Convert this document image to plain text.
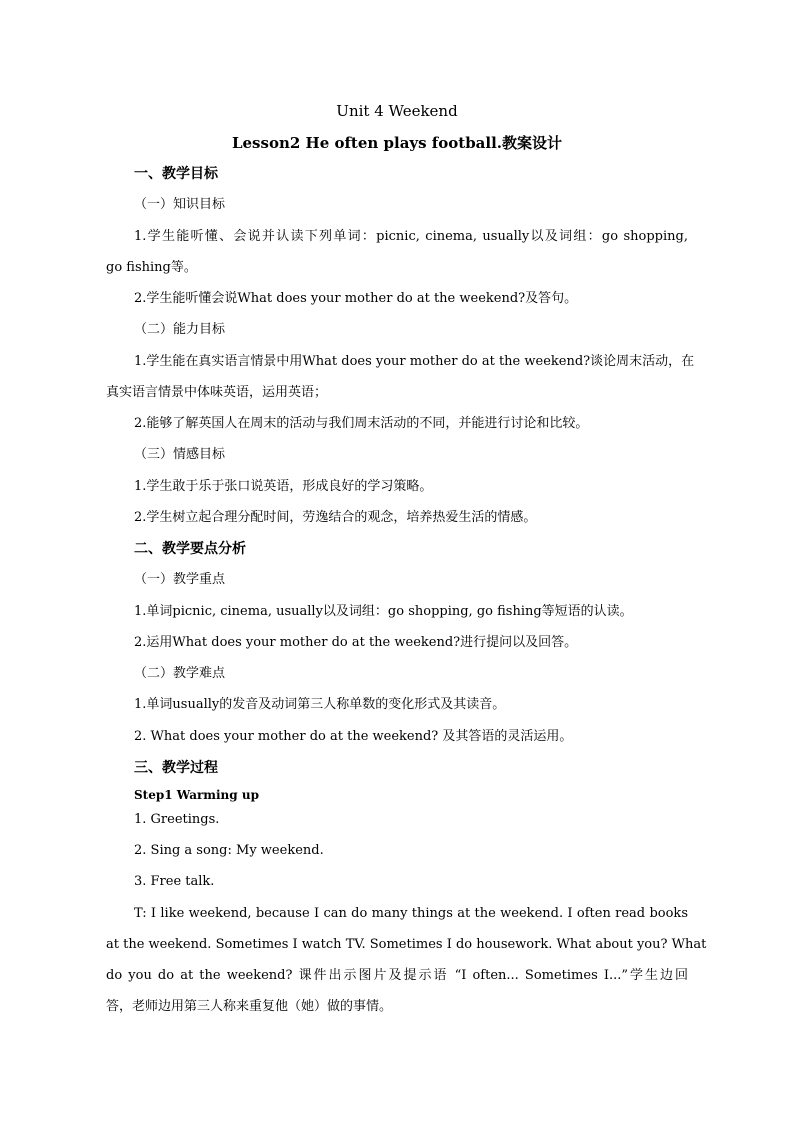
Unit 4 Weekend
Lesson2 He often plays football.教案设计
一、教学目标
（一）知识目标
1.学生能听懂、会说并认读下列单词：picnic, cinema, usually以及词组：go shopping,
go fishing等。
2.学生能听懂会说What does your mother do at the weekend?及答句。
（二）能力目标
1.学生能在真实语言情景中用What does your mother do at the weekend?谈论周末活动，在
真实语言情景中体味英语，运用英语；
2.能够了解英国人在周末的活动与我们周末活动的不同，并能进行讨论和比较。
（三）情感目标
1.学生敢于乐于张口说英语，形成良好的学习策略。
2.学生树立起合理分配时间，劳逸结合的观念，培养热爱生活的情感。
二、教学要点分析
（一）教学重点
1.单词picnic, cinema, usually以及词组：go shopping, go fishing等短语的认读。
2.运用What does your mother do at the weekend?进行提问以及回答。
（二）教学难点
1.单词usually的发音及动词第三人称单数的变化形式及其读音。
2. What does your mother do at the weekend? 及其答语的灵活运用。
三、教学过程
Step1 Warming up
1. Greetings.
2. Sing a song: My weekend.
3. Free talk.
T: I like weekend, because I can do many things at the weekend. I often read books
at the weekend. Sometimes I watch TV. Sometimes I do housework. What about you? What
do you do at the weekend? 课件出示图片及提示语 “I often... Sometimes I...”学生边回
答，老师边用第三人称来重复他（她）做的事情。
